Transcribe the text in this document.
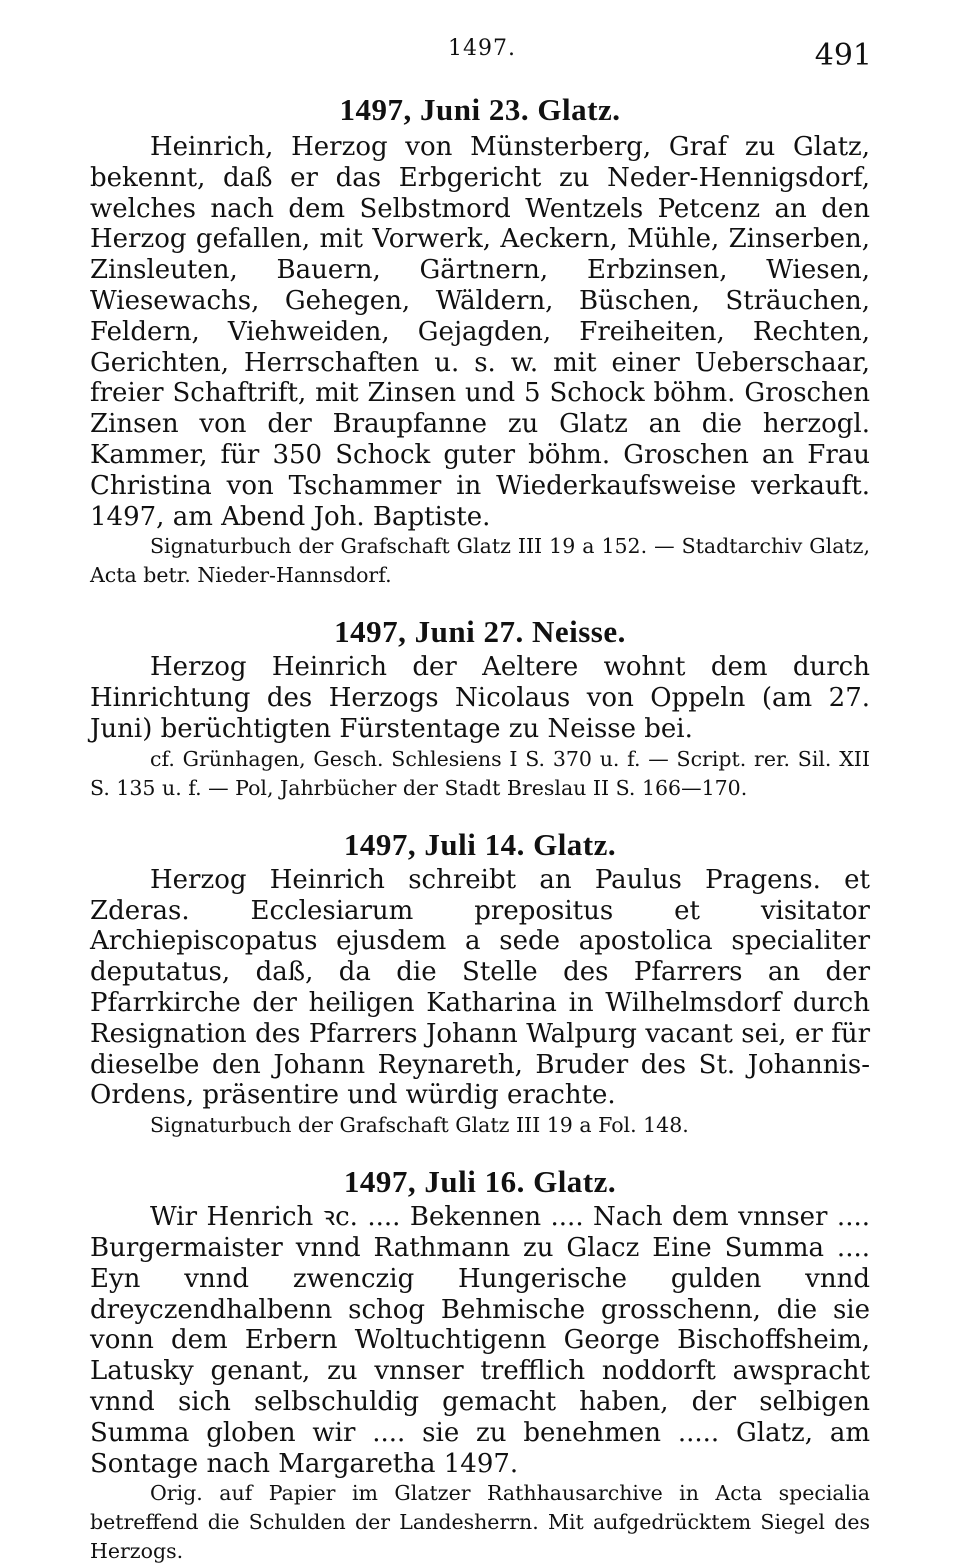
1497.	491
1497, Juni 23. Glatz.

Heinrich, Herzog von Münsterberg, Graf zu Glatz, bekennt, daß er das Erbgericht zu Neder-Hennigsdorf, welches nach dem Selbstmord Wentzels Petcenz an den Herzog gefallen, mit Vorwerk, Aeckern, Mühle, Zinserben, Zinsleuten, Bauern, Gärtnern, Erbzinsen, Wiesen, Wiesewachs, Gehegen, Wäldern, Büschen, Sträuchen, Feldern, Viehweiden, Gejagden, Freiheiten, Rechten, Gerichten, Herrschaften u. s. w. mit einer Ueberschaar, freier Schaftrift, mit Zinsen und 5 Schock böhm. Groschen Zinsen von der Braupfanne zu Glatz an die herzogl. Kammer, für 350 Schock guter böhm. Groschen an Frau Christina von Tschammer in Wiederkaufsweise verkauft. 1497, am Abend Joh. Baptiste.

Signaturbuch der Grafschaft Glatz III 19 a 152. — Stadtarchiv Glatz, Acta betr. Nieder-Hannsdorf.

1497, Juni 27. Neisse.

Herzog Heinrich der Aeltere wohnt dem durch Hinrichtung des Herzogs Nicolaus von Oppeln (am 27. Juni) berüchtigten Fürstentage zu Neisse bei.

cf. Grünhagen, Gesch. Schlesiens I S. 370 u. f. — Script. rer. Sil. XII S. 135 u. f. — Pol, Jahrbücher der Stadt Breslau II S. 166—170.

1497, Juli 14. Glatz.

Herzog Heinrich schreibt an Paulus Pragens. et Zderas. Ecclesiarum prepositus et visitator Archiepiscopatus ejusdem a sede apostolica specialiter deputatus, daß, da die Stelle des Pfarrers an der Pfarrkirche der heiligen Katharina in Wilhelmsdorf durch Resignation des Pfarrers Johann Walpurg vacant sei, er für dieselbe den Johann Reynareth, Bruder des St. Johannis-Ordens, präsentire und würdig erachte.

Signaturbuch der Grafschaft Glatz III 19 a Fol. 148.

1497, Juli 16. Glatz.

Wir Henrich ꝛc. .... Bekennen .... Nach dem vnnser .... Burgermaister vnnd Rathmann zu Glacz Eine Summa .... Eyn vnnd zwenczig Hungerische gulden vnnd dreyczendhalbenn schog Behmische grosschenn, die sie vonn dem Erbern Woltuchtigenn George Bischoffsheim, Latusky genant, zu vnnser trefflich noddorft awspracht vnnd sich selbschuldig gemacht haben, der selbigen Summa globen wir .... sie zu benehmen ..... Glatz, am Sontage nach Margaretha 1497.

Orig. auf Papier im Glatzer Rathhausarchive in Acta specialia betreffend die Schulden der Landesherrn. Mit aufgedrücktem Siegel des Herzogs.
